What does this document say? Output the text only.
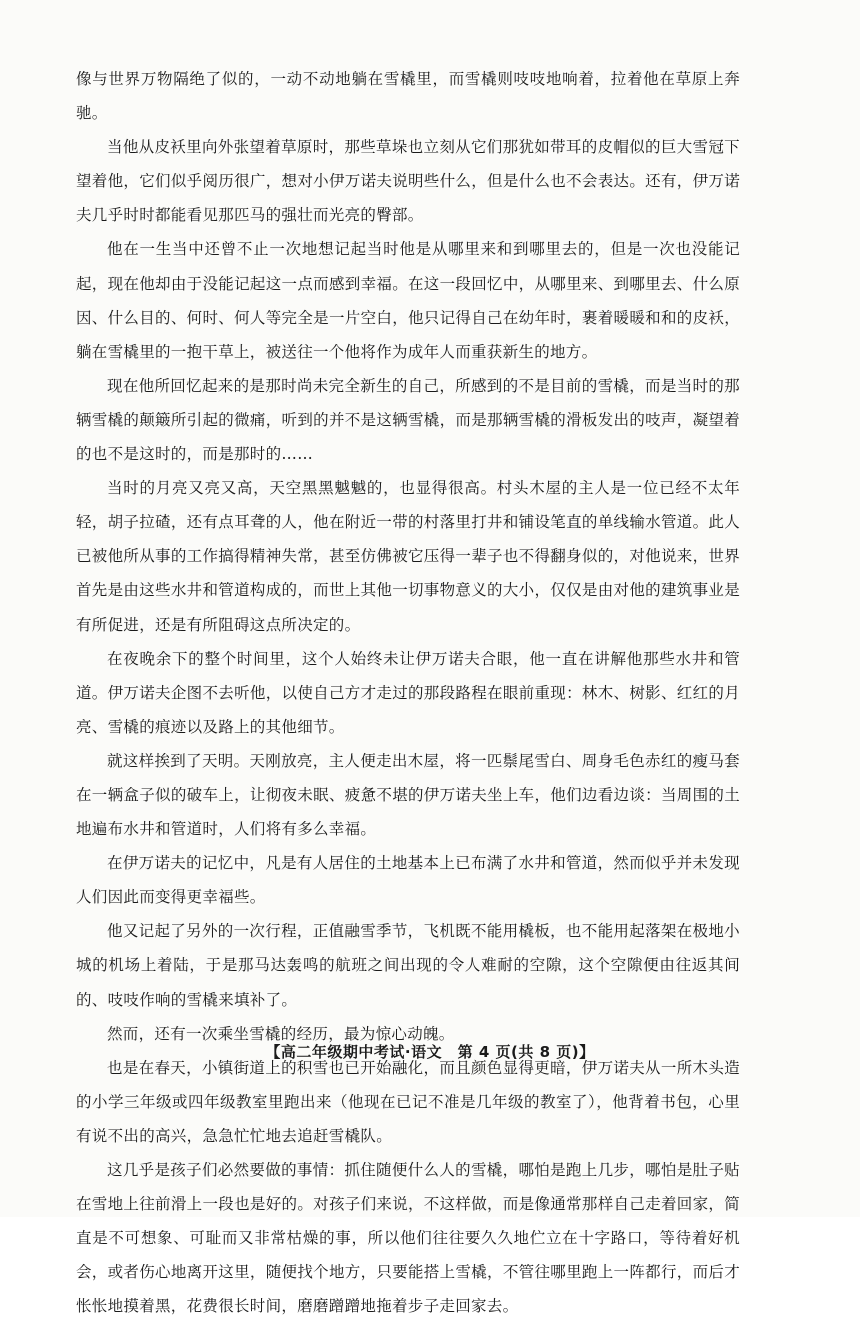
像与世界万物隔绝了似的，一动不动地躺在雪橇里，而雪橇则吱吱地响着，拉着他在草原上奔驰。

当他从皮袄里向外张望着草原时，那些草垛也立刻从它们那犹如带耳的皮帽似的巨大雪冠下望着他，它们似乎阅历很广，想对小伊万诺夫说明些什么，但是什么也不会表达。还有，伊万诺夫几乎时时都能看见那匹马的强壮而光亮的臀部。

他在一生当中还曾不止一次地想记起当时他是从哪里来和到哪里去的，但是一次也没能记起，现在他却由于没能记起这一点而感到幸福。在这一段回忆中，从哪里来、到哪里去、什么原因、什么目的、何时、何人等完全是一片空白，他只记得自己在幼年时，裹着暖暖和和的皮袄，躺在雪橇里的一抱干草上，被送往一个他将作为成年人而重获新生的地方。

现在他所回忆起来的是那时尚未完全新生的自己，所感到的不是目前的雪橇，而是当时的那辆雪橇的颠簸所引起的微痛，听到的并不是这辆雪橇，而是那辆雪橇的滑板发出的吱声，凝望着的也不是这时的，而是那时的……

当时的月亮又亮又高，天空黑黑魆魆的，也显得很高。村头木屋的主人是一位已经不太年轻，胡子拉碴，还有点耳聋的人，他在附近一带的村落里打井和铺设笔直的单线输水管道。此人已被他所从事的工作搞得精神失常，甚至仿佛被它压得一辈子也不得翻身似的，对他说来，世界首先是由这些水井和管道构成的，而世上其他一切事物意义的大小，仅仅是由对他的建筑事业是有所促进，还是有所阻碍这点所决定的。

在夜晚余下的整个时间里，这个人始终未让伊万诺夫合眼，他一直在讲解他那些水井和管道。伊万诺夫企图不去听他，以使自己方才走过的那段路程在眼前重现：林木、树影、红红的月亮、雪橇的痕迹以及路上的其他细节。

就这样挨到了天明。天刚放亮，主人便走出木屋，将一匹鬃尾雪白、周身毛色赤红的瘦马套在一辆盒子似的破车上，让彻夜未眠、疲惫不堪的伊万诺夫坐上车，他们边看边谈：当周围的土地遍布水井和管道时，人们将有多么幸福。

在伊万诺夫的记忆中，凡是有人居住的土地基本上已布满了水井和管道，然而似乎并未发现人们因此而变得更幸福些。

他又记起了另外的一次行程，正值融雪季节，飞机既不能用橇板，也不能用起落架在极地小城的机场上着陆，于是那马达轰鸣的航班之间出现的令人难耐的空隙，这个空隙便由往返其间的、吱吱作响的雪橇来填补了。

然而，还有一次乘坐雪橇的经历，最为惊心动魄。

也是在春天，小镇街道上的积雪也已开始融化，而且颜色显得更暗，伊万诺夫从一所木头造的小学三年级或四年级教室里跑出来（他现在已记不准是几年级的教室了），他背着书包，心里有说不出的高兴，急急忙忙地去追赶雪橇队。

这几乎是孩子们必然要做的事情：抓住随便什么人的雪橇，哪怕是跑上几步，哪怕是肚子贴在雪地上往前滑上一段也是好的。对孩子们来说，不这样做，而是像通常那样自己走着回家，简直是不可想象、可耻而又非常枯燥的事，所以他们往往要久久地伫立在十字路口，等待着好机会，或者伤心地离开这里，随便找个地方，只要能搭上雪橇，不管往哪里跑上一阵都行，而后才怅怅地摸着黑，花费很长时间，磨磨蹭蹭地拖着步子走回家去。

【高二年级期中考试·语文　第 4 页(共 8 页)】
